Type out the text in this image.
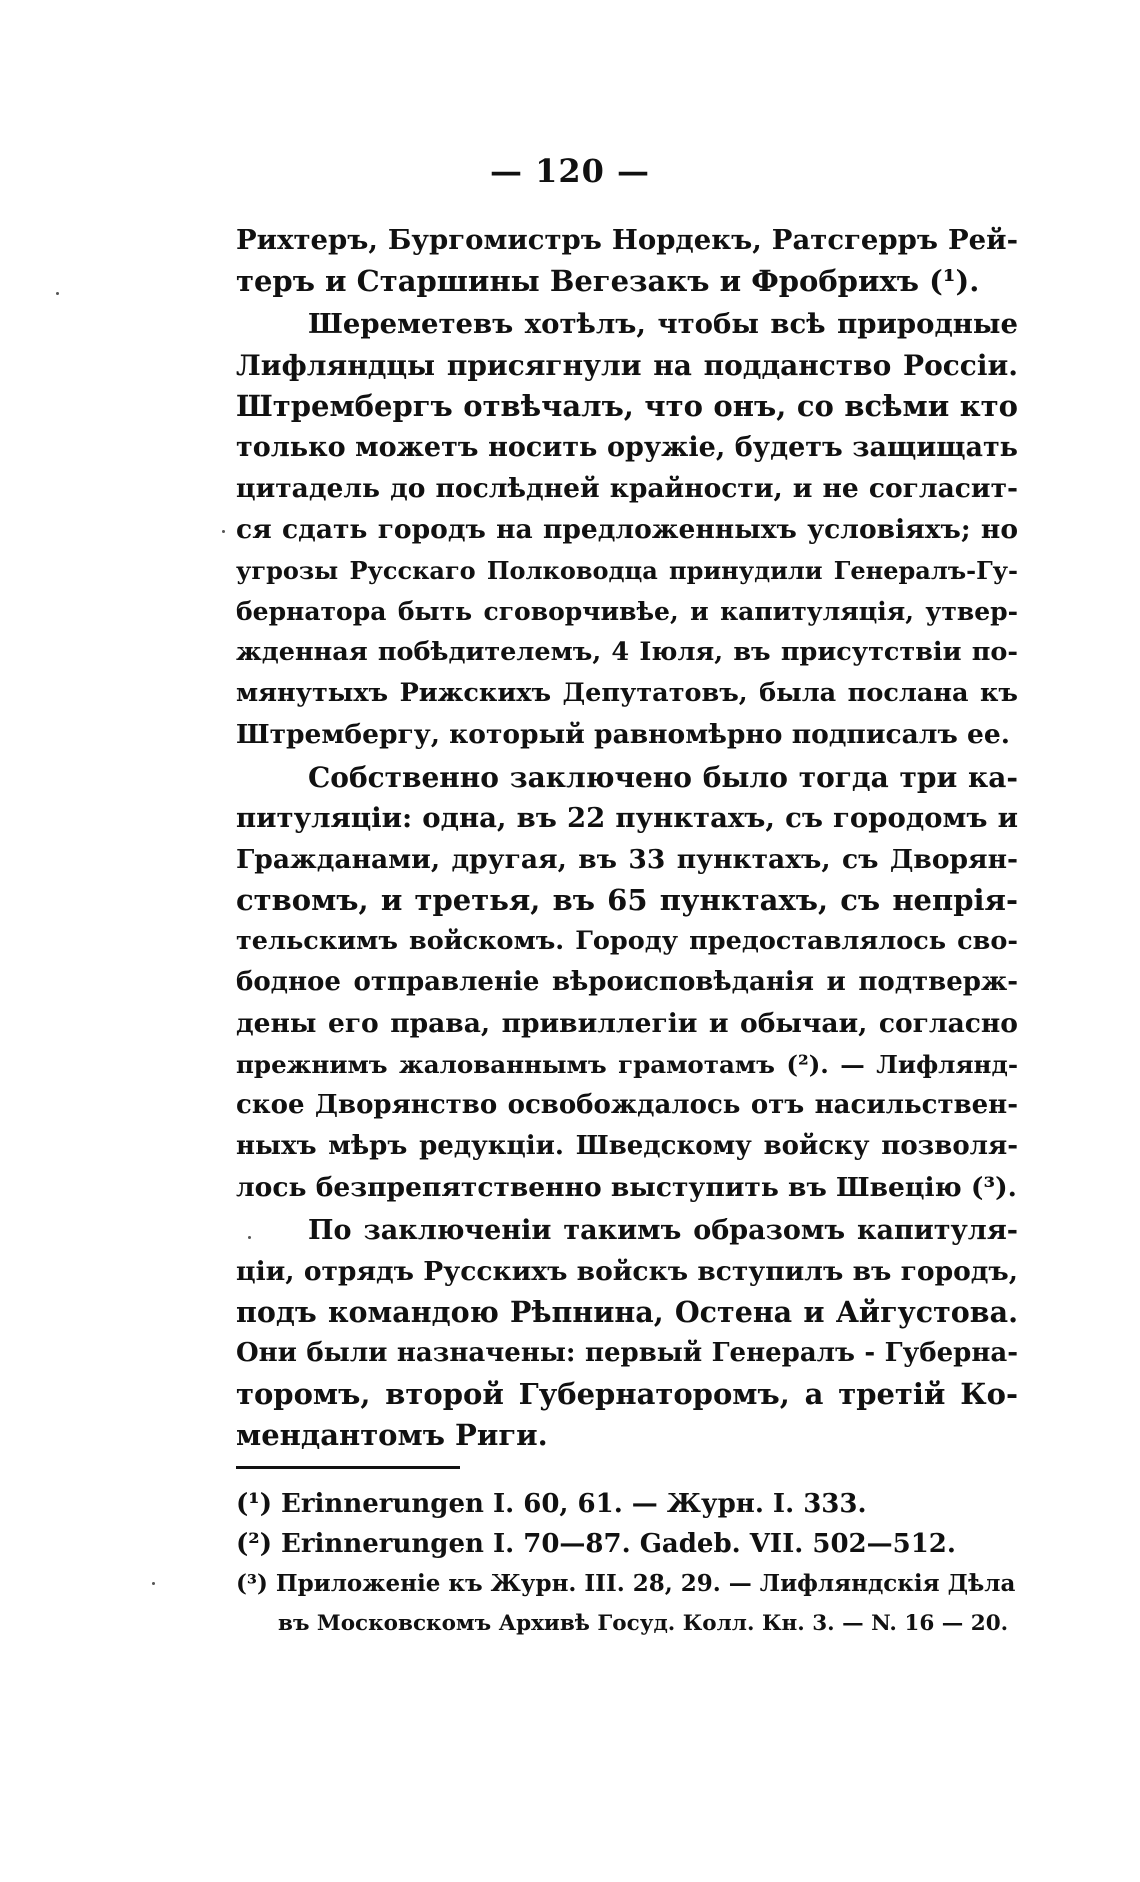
— 120 —
Рихтеръ, Бургомистръ Нордекъ, Ратсгерръ Рей-
теръ и Старшины Вегезакъ и Фробрихъ (¹).
Шереметевъ хотѣлъ, чтобы всѣ природные
Лифляндцы присягнули на подданство Россіи.
Штрембергъ отвѣчалъ, что онъ, со всѣми кто
только можетъ носить оружіе, будетъ защищать
цитадель до послѣдней крайности, и не согласит-
ся сдать городъ на предложенныхъ условіяхъ; но
угрозы Русскаго Полководца принудили Генералъ-Гу-
бернатора быть сговорчивѣе, и капитуляція, утвер-
жденная побѣдителемъ, 4 Іюля, въ присутствіи по-
мянутыхъ Рижскихъ Депутатовъ, была послана къ
Штрембергу, который равномѣрно подписалъ ее.
Собственно заключено было тогда три ка-
питуляціи: одна, въ 22 пунктахъ, съ городомъ и
Гражданами, другая, въ 33 пунктахъ, съ Дворян-
ствомъ, и третья, въ 65 пунктахъ, съ непрія-
тельскимъ войскомъ. Городу предоставлялось сво-
бодное отправленіе вѣроисповѣданія и подтверж-
дены его права, привиллегіи и обычаи, согласно
прежнимъ жалованнымъ грамотамъ (²). — Лифлянд-
ское Дворянство освобождалось отъ насильствен-
ныхъ мѣръ редукціи. Шведскому войску позволя-
лось безпрепятственно выступить въ Швецію (³).
По заключеніи такимъ образомъ капитуля-
ціи, отрядъ Русскихъ войскъ вступилъ въ городъ,
подъ командою Рѣпнина, Остена и Айгустова.
Они были назначены: первый Генералъ - Губерна-
торомъ, второй Губернаторомъ, а третій Ко-
мендантомъ Риги.
(¹) Erinnerungen I. 60, 61. — Журн. I. 333.
(²) Erinnerungen I. 70—87. Gadeb. VII. 502—512.
(³) Приложеніе къ Журн. III. 28, 29. — Лифляндскія Дѣла
въ Московскомъ Архивѣ Госуд. Колл. Кн. 3. — N. 16 — 20.
